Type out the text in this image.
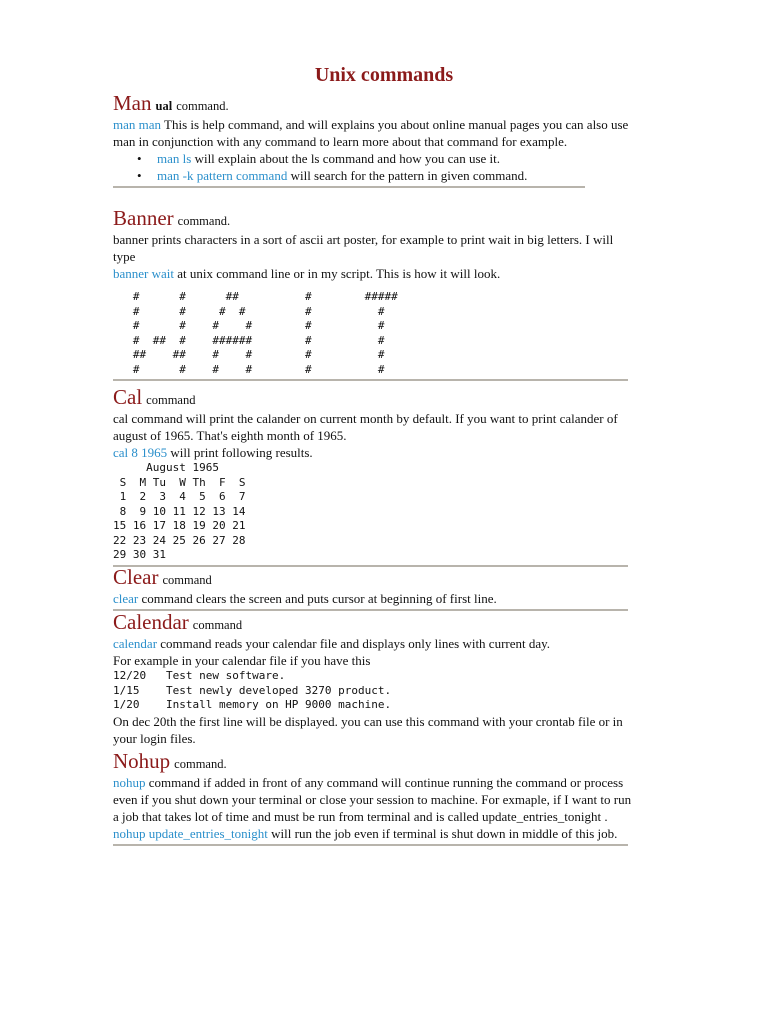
Unix commands
Man ual command.

man man This is help command, and will explains you about online manual pages you can also use man in conjunction with any command to learn more about that command for example.

• man ls will explain about the ls command and how you can use it.
• man -k pattern command will search for the pattern in given command.
Banner command.

banner prints characters in a sort of ascii art poster, for example to print wait in big letters. I will type

banner wait at unix command line or in my script. This is how it will look.

#      #      ##          #        #####
#      #     #  #         #          #
#      #    #    #        #          #
#  ##  #    ######        #          #
##    ##    #    #        #          #
#      #    #    #        #          #
Cal command

cal command will print the calander on current month by default. If you want to print calander of august of 1965. That's eighth month of 1965.

cal 8 1965 will print following results.

August 1965
S  M Tu  W Th  F  S
1  2  3  4  5  6  7
8  9 10 11 12 13 14
15 16 17 18 19 20 21
22 23 24 25 26 27 28
29 30 31
Clear command

clear command clears the screen and puts cursor at beginning of first line.

Calendar command

calendar command reads your calendar file and displays only lines with current day.

For example in your calendar file if you have this

12/20   Test new software.
1/15    Test newly developed 3270 product.
1/20    Install memory on HP 9000 machine.

On dec 20th the first line will be displayed. you can use this command with your crontab file or in your login files.

Nohup command.

nohup command if added in front of any command will continue running the command or process even if you shut down your terminal or close your session to machine. For exmaple, if I want to run a job that takes lot of time and must be run from terminal and is called update_entries_tonight .

nohup update_entries_tonight will run the job even if terminal is shut down in middle of this job.
